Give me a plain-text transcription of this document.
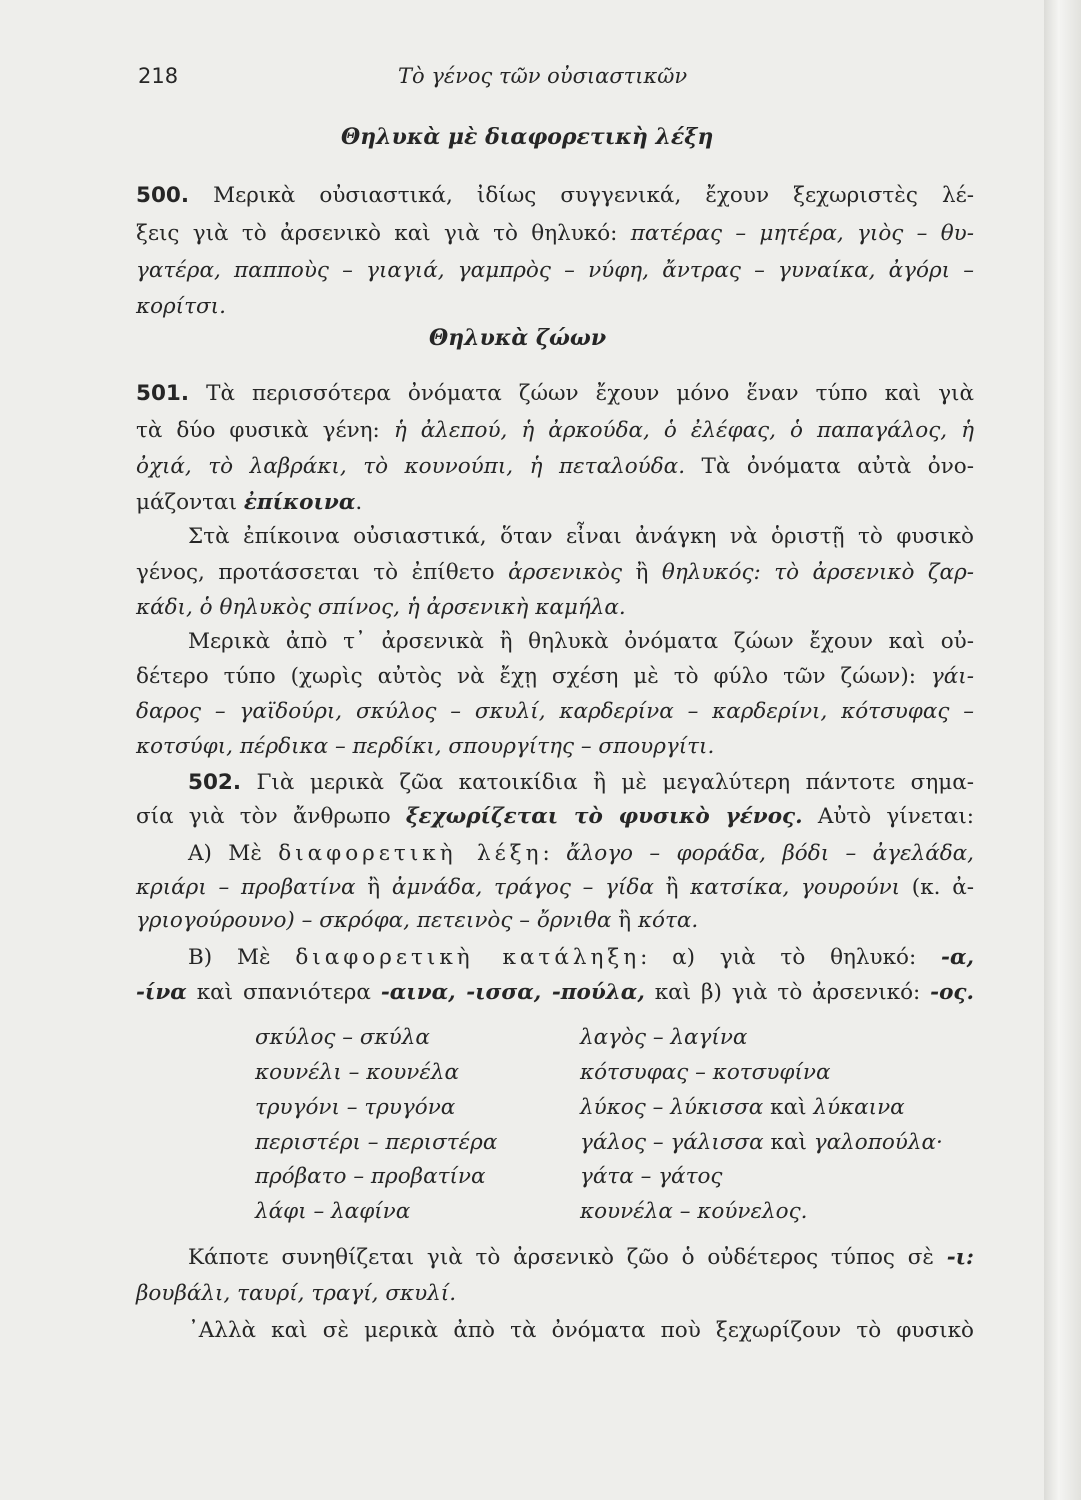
218	Τὸ γένος τῶν οὐσιαστικῶν
Θηλυκὰ μὲ διαφορετικὴ λέξη
500. Μερικὰ οὐσιαστικά, ἰδίως συγγενικά, ἔχουν ξεχωριστὲς λέ-
ξεις γιὰ τὸ ἀρσενικὸ καὶ γιὰ τὸ θηλυκό: πατέρας – μητέρα, γιὸς – θυ-
γατέρα, παπποὺς – γιαγιά, γαμπρὸς – νύφη, ἄντρας – γυναίκα, ἀγόρι –
κορίτσι.
Θηλυκὰ ζώων
501. Τὰ περισσότερα ὀνόματα ζώων ἔχουν μόνο ἕναν τύπο καὶ γιὰ
τὰ δύο φυσικὰ γένη: ἡ ἀλεπού, ἡ ἀρκούδα, ὁ ἐλέφας, ὁ παπαγάλος, ἡ
ὀχιά, τὸ λαβράκι, τὸ κουνούπι, ἡ πεταλούδα. Τὰ ὀνόματα αὐτὰ ὀνο-
μάζονται ἐπίκοινα.
Στὰ ἐπίκοινα οὐσιαστικά, ὅταν εἶναι ἀνάγκη νὰ ὁριστῇ τὸ φυσικὸ
γένος, προτάσσεται τὸ ἐπίθετο ἀρσενικὸς ἢ θηλυκός: τὸ ἀρσενικὸ ζαρ-
κάδι, ὁ θηλυκὸς σπίνος, ἡ ἀρσενικὴ καμήλα.
Μερικὰ ἀπὸ τ᾿ ἀρσενικὰ ἢ θηλυκὰ ὀνόματα ζώων ἔχουν καὶ οὐ-
δέτερο τύπο (χωρὶς αὐτὸς νὰ ἔχῃ σχέση μὲ τὸ φύλο τῶν ζώων): γάι-
δαρος – γαϊδούρι, σκύλος – σκυλί, καρδερίνα – καρδερίνι, κότσυφας –
κοτσύφι, πέρδικα – περδίκι, σπουργίτης – σπουργίτι.
502. Γιὰ μερικὰ ζῶα κατοικίδια ἢ μὲ μεγαλύτερη πάντοτε σημα-
σία γιὰ τὸν ἄνθρωπο ξεχωρίζεται τὸ φυσικὸ γένος. Αὐτὸ γίνεται:
Α) Μὲ διαφορετικὴ λέξη: ἄλογο – φοράδα, βόδι – ἀγελάδα,
κριάρι – προβατίνα ἢ ἀμνάδα, τράγος – γίδα ἢ κατσίκα, γουρούνι (κ. ἀ-
γριογούρουνο) – σκρόφα, πετεινὸς – ὄρνιθα ἢ κότα.
Β) Μὲ διαφορετικὴ κατάληξη: α) γιὰ τὸ θηλυκό: -α,
-ίνα καὶ σπανιότερα -αινα, -ισσα, -πούλα, καὶ β) γιὰ τὸ ἀρσενικό: -ος.
σκύλος – σκύλα
κουνέλι – κουνέλα
τρυγόνι – τρυγόνα
περιστέρι – περιστέρα
πρόβατο – προβατίνα
λάφι – λαφίνα
λαγὸς – λαγίνα
κότσυφας – κοτσυφίνα
λύκος – λύκισσα καὶ λύκαινα
γάλος – γάλισσα καὶ γαλοπούλα·
γάτα – γάτος
κουνέλα – κούνελος.
Κάποτε συνηθίζεται γιὰ τὸ ἀρσενικὸ ζῶο ὁ οὐδέτερος τύπος σὲ -ι:
βουβάλι, ταυρί, τραγί, σκυλί.
᾿Αλλὰ καὶ σὲ μερικὰ ἀπὸ τὰ ὀνόματα ποὺ ξεχωρίζουν τὸ φυσικὸ
